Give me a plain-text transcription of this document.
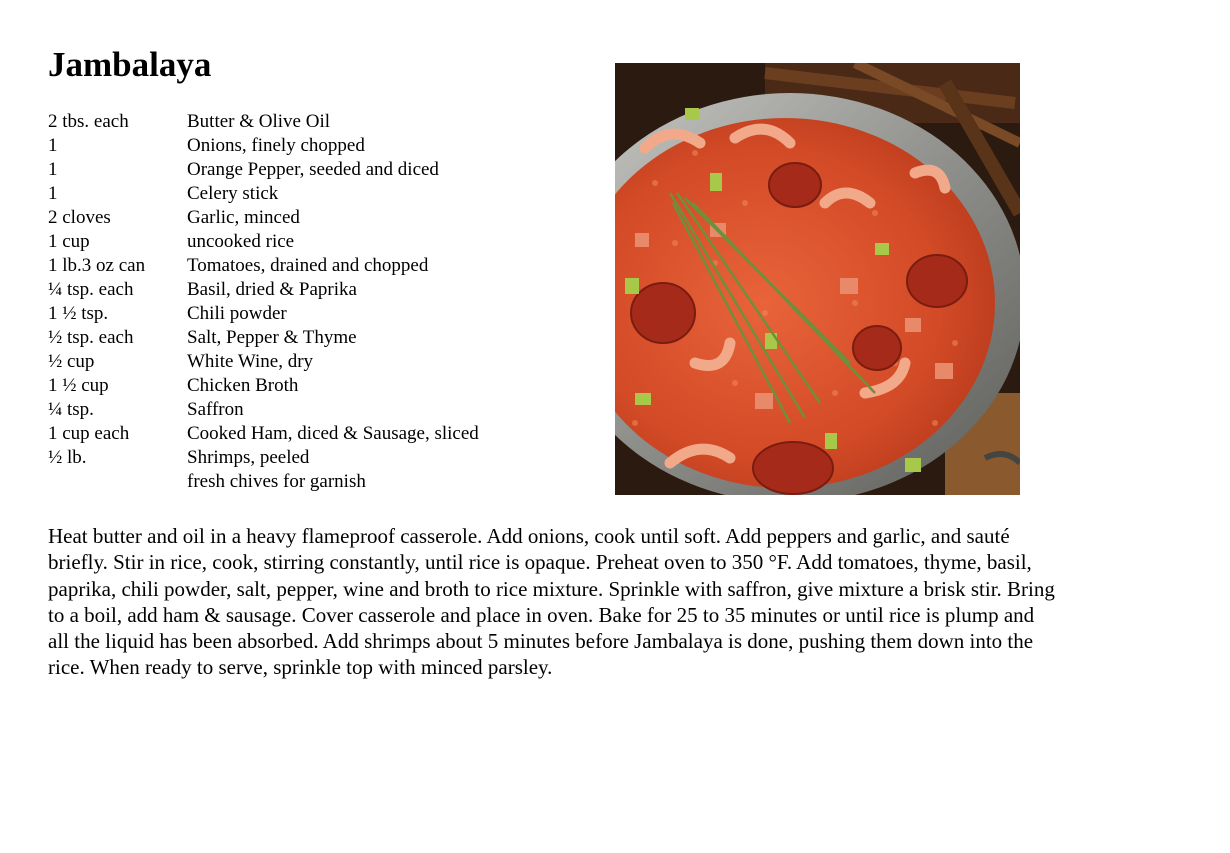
Jambalaya
2 tbs. each	Butter & Olive Oil
1	Onions, finely chopped
1	Orange Pepper, seeded and diced
1	Celery stick
2 cloves	Garlic, minced
1 cup	uncooked rice
1 lb.3 oz can	Tomatoes, drained and chopped
¼ tsp. each	Basil, dried & Paprika
1 ½ tsp.	Chili powder
½ tsp. each	Salt, Pepper & Thyme
½ cup	White Wine, dry
1 ½ cup	Chicken Broth
¼ tsp.	Saffron
1 cup each	Cooked Ham, diced & Sausage, sliced
½ lb.	Shrimps, peeled
fresh chives for garnish

Heat butter and oil in a heavy flameproof casserole. Add onions, cook until soft. Add peppers and garlic, and sauté briefly. Stir in rice, cook, stirring constantly, until rice is opaque. Preheat oven to 350 °F. Add tomatoes, thyme, basil, paprika, chili powder, salt, pepper, wine and broth to rice mixture. Sprinkle with saffron, give mixture a brisk stir. Bring to a boil, add ham & sausage. Cover casserole and place in oven. Bake for 25 to 35 minutes or until rice is plump and all the liquid has been absorbed. Add shrimps about 5 minutes before Jambalaya is done, pushing them down into the rice. When ready to serve, sprinkle top with minced parsley.
